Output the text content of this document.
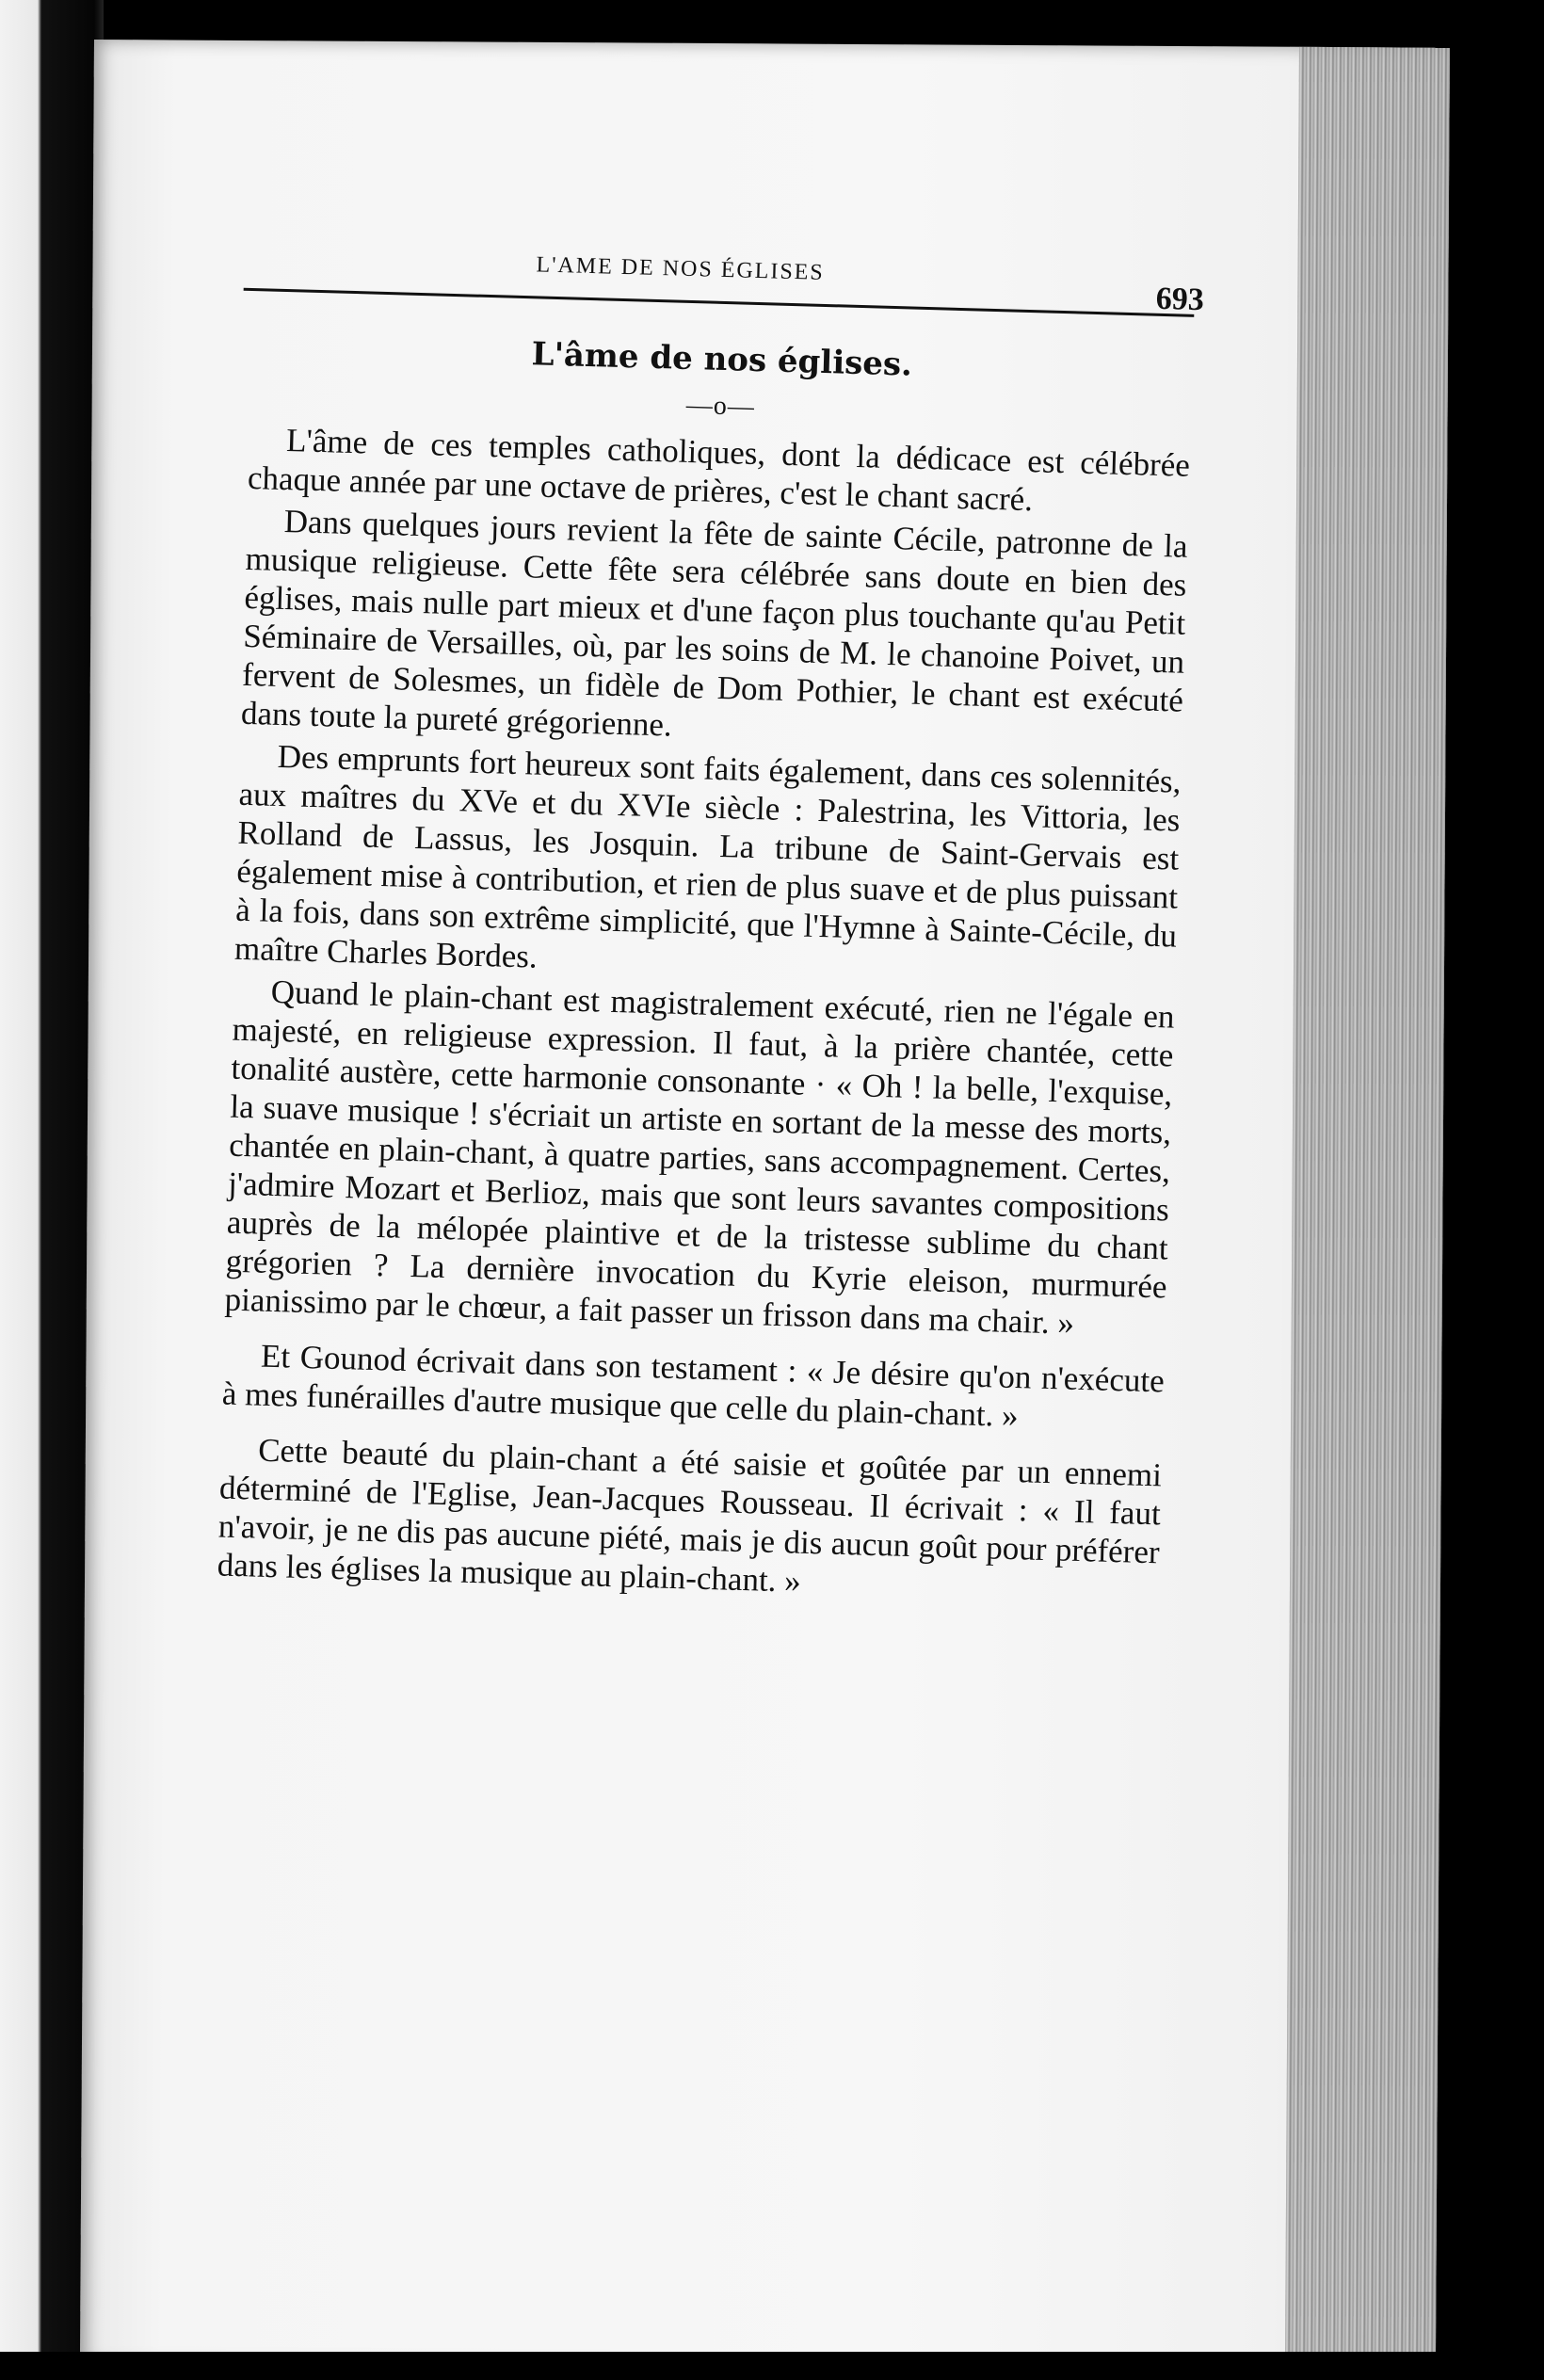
L'AME DE NOS ÉGLISES
693
L'âme de nos églises.
—o—

L'âme de ces temples catholiques, dont la dédicace est célébrée chaque année par une octave de prières, c'est le chant sacré.

Dans quelques jours revient la fête de sainte Cécile, patronne de la musique religieuse. Cette fête sera célébrée sans doute en bien des églises, mais nulle part mieux et d'une façon plus touchante qu'au Petit Séminaire de Versailles, où, par les soins de M. le chanoine Poivet, un fervent de Solesmes, un fidèle de Dom Pothier, le chant est exécuté dans toute la pureté grégorienne.

Des emprunts fort heureux sont faits également, dans ces solennités, aux maîtres du XVe et du XVIe siècle : Palestrina, les Vittoria, les Rolland de Lassus, les Josquin. La tribune de Saint-Gervais est également mise à contribution, et rien de plus suave et de plus puissant à la fois, dans son extrême simplicité, que l'Hymne à Sainte-Cécile, du maître Charles Bordes.

Quand le plain-chant est magistralement exécuté, rien ne l'égale en majesté, en religieuse expression. Il faut, à la prière chantée, cette tonalité austère, cette harmonie consonante · « Oh ! la belle, l'exquise, la suave musique ! s'écriait un artiste en sortant de la messe des morts, chantée en plain-chant, à quatre parties, sans accompagnement. Certes, j'admire Mozart et Berlioz, mais que sont leurs savantes compositions auprès de la mélopée plaintive et de la tristesse sublime du chant grégorien ? La dernière invocation du Kyrie eleison, murmurée pianissimo par le chœur, a fait passer un frisson dans ma chair. »

Et Gounod écrivait dans son testament : « Je désire qu'on n'exécute à mes funérailles d'autre musique que celle du plain-chant. »

Cette beauté du plain-chant a été saisie et goûtée par un ennemi déterminé de l'Eglise, Jean-Jacques Rousseau. Il écrivait : « Il faut n'avoir, je ne dis pas aucune piété, mais je dis aucun goût pour préférer dans les églises la musique au plain-chant. »
